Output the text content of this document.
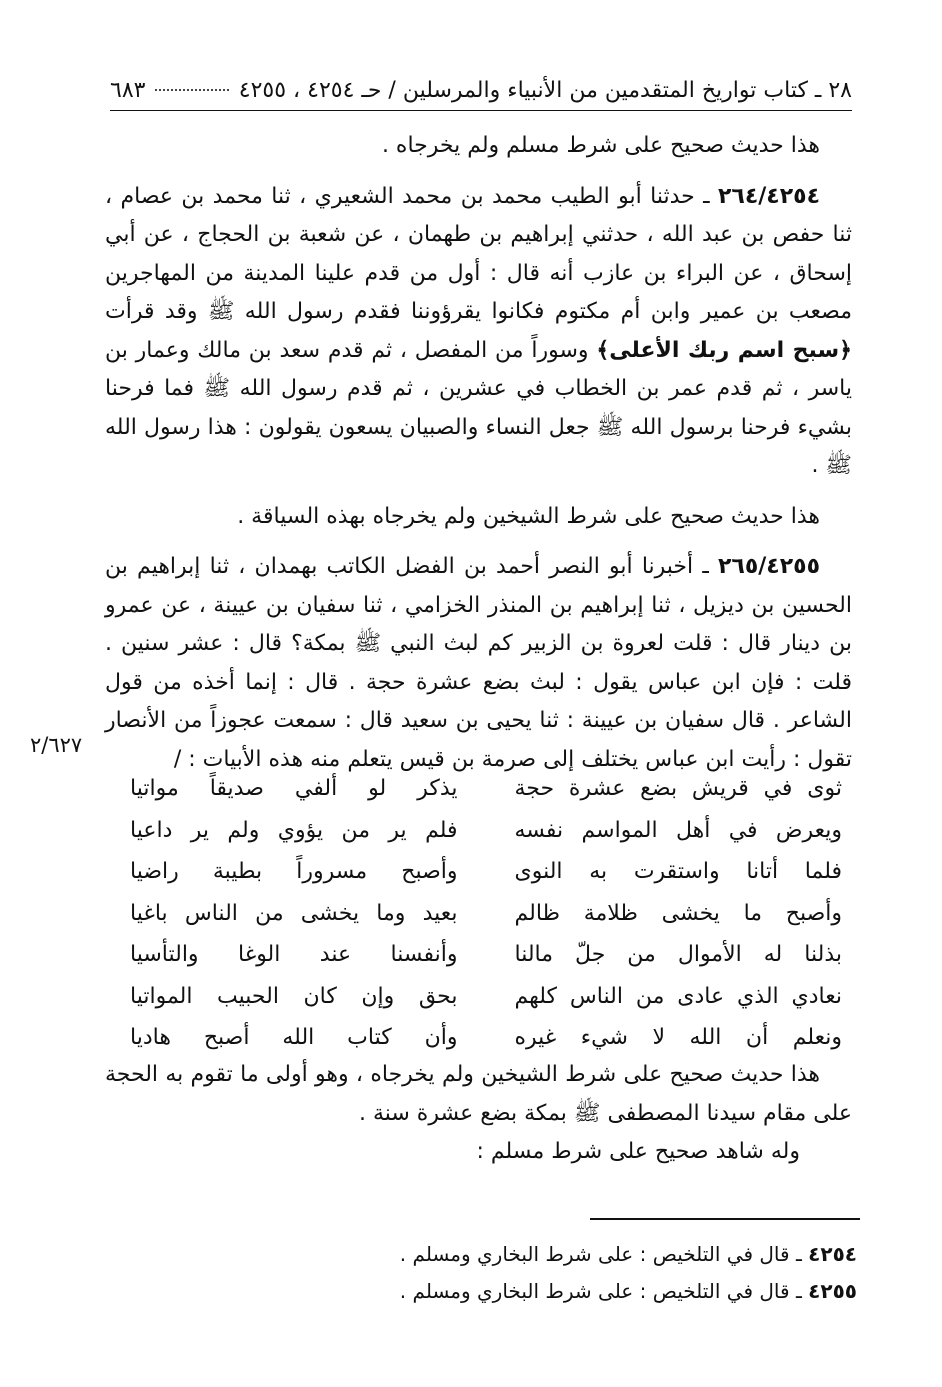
٢٨ ـ كتاب تواريخ المتقدمين من الأنبياء والمرسلين / حـ ٤٢٥٤ ، ٤٢٥٥
٦٨٣

هذا حديث صحيح على شرط مسلم ولم يخرجاه .

٢٦٤/٤٢٥٤ ـ حدثنا أبو الطيب محمد بن محمد الشعيري ، ثنا محمد بن عصام ، ثنا حفص بن عبد الله ، حدثني إبراهيم بن طهمان ، عن شعبة بن الحجاج ، عن أبي إسحاق ، عن البراء بن عازب أنه قال : أول من قدم علينا المدينة من المهاجرين مصعب بن عمير وابن أم مكتوم فكانوا يقرؤوننا فقدم رسول الله ﷺ وقد قرأت ﴿سبح اسم ربك الأعلى﴾ وسوراً من المفصل ، ثم قدم سعد بن مالك وعمار بن ياسر ، ثم قدم عمر بن الخطاب في عشرين ، ثم قدم رسول الله ﷺ فما فرحنا بشيء فرحنا برسول الله ﷺ جعل النساء والصبيان يسعون يقولون : هذا رسول الله ﷺ .

هذا حديث صحيح على شرط الشيخين ولم يخرجاه بهذه السياقة .

٢٦٥/٤٢٥٥ ـ أخبرنا أبو النصر أحمد بن الفضل الكاتب بهمدان ، ثنا إبراهيم بن الحسين بن ديزيل ، ثنا إبراهيم بن المنذر الخزامي ، ثنا سفيان بن عيينة ، عن عمرو بن دينار قال : قلت لعروة بن الزبير كم لبث النبي ﷺ بمكة؟ قال : عشر سنين . قلت : فإن ابن عباس يقول : لبث بضع عشرة حجة . قال : إنما أخذه من قول الشاعر . قال سفيان بن عيينة : ثنا يحيى بن سعيد قال : سمعت عجوزاً من الأنصار تقول : رأيت ابن عباس يختلف إلى صرمة بن قيس يتعلم منه هذه الأبيات : /

٢/٦٢٧
ثوى في قريش بضع عشرة حجة
يذكر لو ألفي صديقاً مواتيا
ويعرض في أهل المواسم نفسه
فلم ير من يؤوي ولم ير داعيا
فلما أتانا واستقرت به النوى
وأصبح مسروراً بطيبة راضيا
وأصبح ما يخشى ظلامة ظالم
بعيد وما يخشى من الناس باغيا
بذلنا له الأموال من جلّ مالنا
وأنفسنا عند الوغا والتأسيا
نعادي الذي عادى من الناس كلهم
بحق وإن كان الحبيب المواتيا
ونعلم أن الله لا شيء غيره
وأن كتاب الله أصبح هاديا

هذا حديث صحيح على شرط الشيخين ولم يخرجاه ، وهو أولى ما تقوم به الحجة على مقام سيدنا المصطفى ﷺ بمكة بضع عشرة سنة .

وله شاهد صحيح على شرط مسلم :

٤٢٥٤ ـ قال في التلخيص : على شرط البخاري ومسلم .

٤٢٥٥ ـ قال في التلخيص : على شرط البخاري ومسلم .
